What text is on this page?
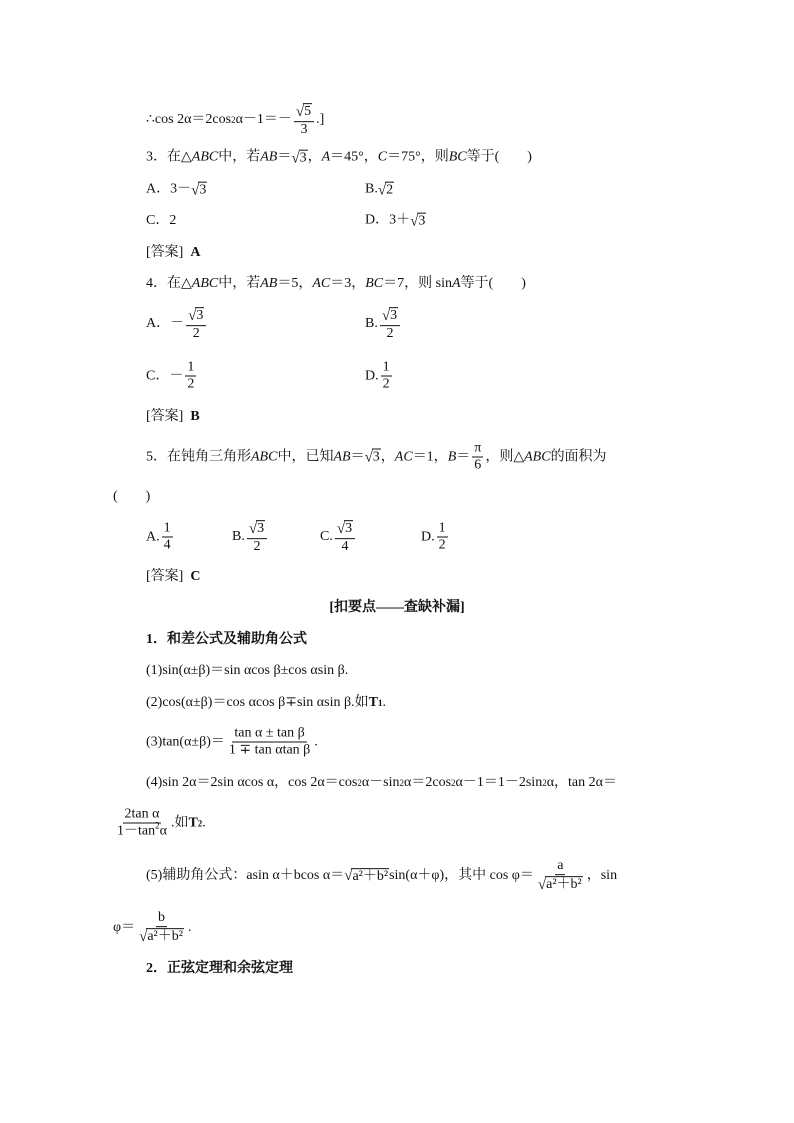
∴cos 2α＝2cos 2 $\alpha -1=- \frac{√ 5}{3}$ .]
3．在△ ABC 中，若 AB ＝ √ 3 ， A ＝45°， C ＝75°，则 BC 等于(　　)
A．3－ √ 3	B. √ 2
C．2	D．3＋ √ 3
[答案]
A
4．在△ ABC 中，若 AB ＝5， AC ＝3， BC ＝7，则 sin A 等于(　　)
A．－ $\frac{√ 3}{2}$	B. $\frac{√ 3}{2}$
C．－ $\frac{1}{2}$	D. $\frac{1}{2}$
[答案]
B
5．在钝角三角形 ABC 中，已知 AB ＝ √ 3 ， AC ＝1， $B = \frac{\pi}{6}$ ，则△ ABC 的面积为
(　　)
A. $\frac{1}{4}$	B. $\frac{√ 3}{2}$	C. $\frac{√ 3}{4}$	D. $\frac{1}{2}$
[答案]
C
[扣要点——查缺补漏]
1．和差公式及辅助角公式
(1)sin(α±β)＝sin αcos β±cos αsin β.
(2)cos(α±β)＝cos αcos β∓sin αsin β.如 T 1 .
$(3)\tan(\alpha\pm\beta)= \frac{\text{tan α ± tan β}}{\text{1 ∓ tan αtan β}}$ .
(4)sin 2α＝2sin αcos α，cos 2α＝cos 2 α－sin 2 α＝2cos 2 α－1＝1－2sin 2 α，tan 2α＝
$\frac{\text{2tan α}}{1-\tan^2\alpha}$ .如 T 2 .
(5)辅助角公式：asin α＋bcos α＝ √ a²＋b² sin(α＋φ)，其中 $\cos \varphi= \frac{a}{\text{√ a²＋b²}}$ ，sin
$\varphi= \frac{b}{\text{√ a²＋b²}}$ .
2．正弦定理和余弦定理
